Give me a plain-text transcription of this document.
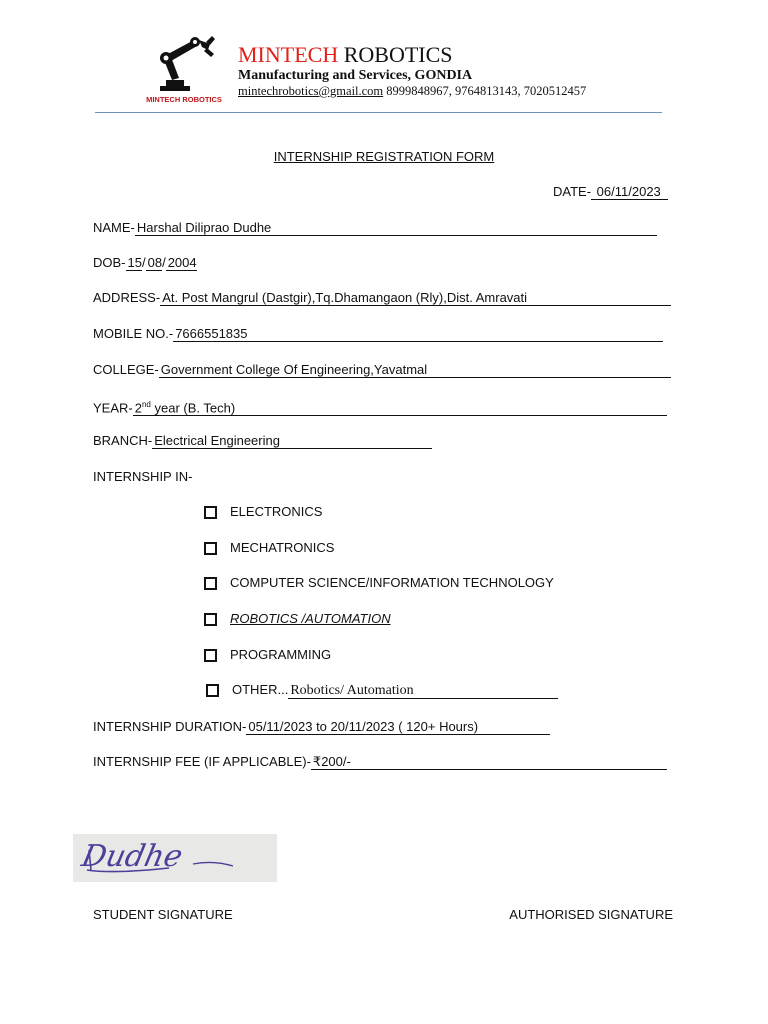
MINTECH ROBOTICS
MINTECH ROBOTICS
Manufacturing and Services, GONDIA
mintechrobotics@gmail.com 8999848967, 9764813143, 7020512457
INTERNSHIP REGISTRATION FORM
DATE- 06/11/2023
NAME-Harshal Diliprao Dudhe
DOB-15/ 08/ 2004
ADDRESS-At. Post Mangrul (Dastgir),Tq.Dhamangaon (Rly),Dist. Amravati
MOBILE NO.-7666551835
COLLEGE-Government College Of Engineering,Yavatmal
YEAR-2nd year (B. Tech)
BRANCH-Electrical Engineering
INTERNSHIP IN-
ELECTRONICS
MECHATRONICS
COMPUTER SCIENCE/INFORMATION TECHNOLOGY
ROBOTICS /AUTOMATION
PROGRAMMING
OTHER...Robotics/ Automation
INTERNSHIP DURATION-05/11/2023 to 20/11/2023 ( 120+ Hours)
INTERNSHIP FEE (IF APPLICABLE)-₹200/-
Dudhe
STUDENT SIGNATURE	AUTHORISED SIGNATURE
